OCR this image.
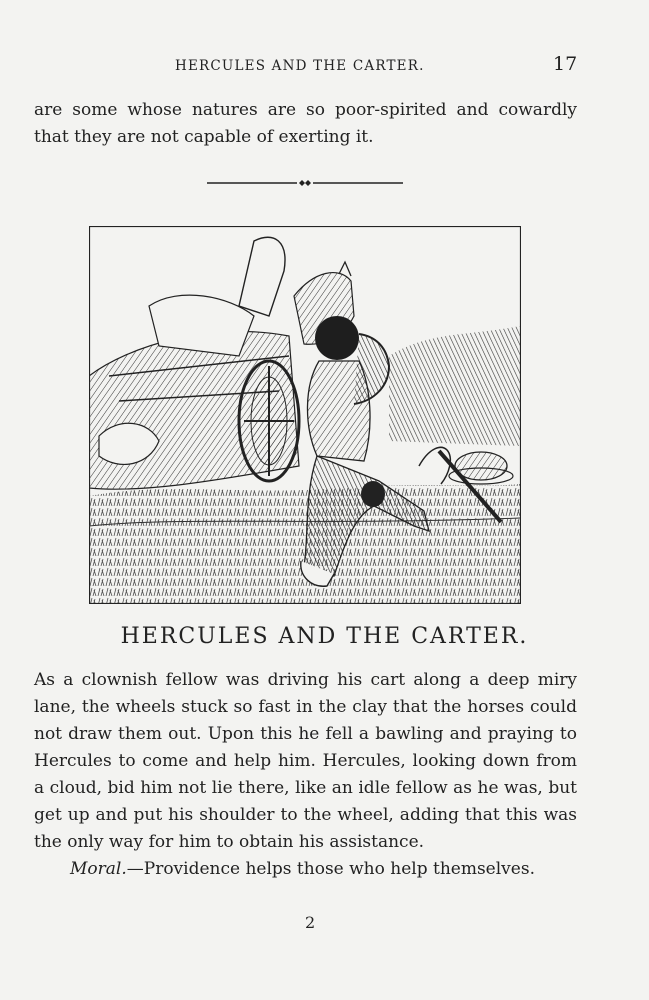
HERCULES AND THE CARTER.	17

are some whose natures are so poor-spirited and cowardly that they are not capable of exerting it.

HERCULES AND THE CARTER.

As a clownish fellow was driving his cart along a deep miry lane, the wheels stuck so fast in the clay that the horses could not draw them out. Upon this he fell a bawling and praying to Hercules to come and help him. Hercules, looking down from a cloud, bid him not lie there, like an idle fellow as he was, but get up and put his shoulder to the wheel, adding that this was the only way for him to obtain his assistance.

Moral.—Providence helps those who help themselves.

2
